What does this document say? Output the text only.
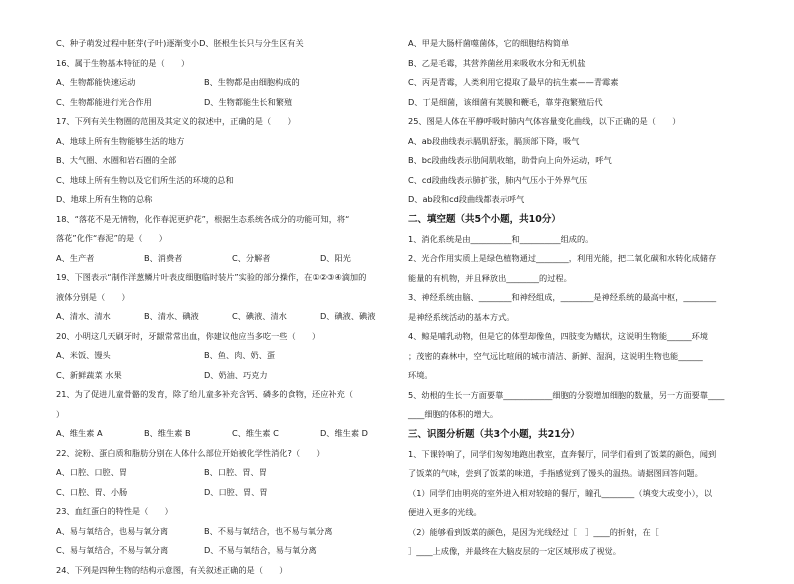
C、种子萌发过程中胚芽(子叶)逐渐变小D、胚根生长只与分生区有关
16、属于生物基本特征的是（　　）
A、生物都能快速运动	B、生物都是由细胞构成的
C、生物都能进行光合作用	D、生物都能生长和繁殖
17、下列有关生物圈的范围及其定义的叙述中，正确的是（　　）
A、地球上所有生物能够生活的地方
B、大气圈、水圈和岩石圈的全部
C、地球上所有生物以及它们所生活的环境的总和
D、地球上所有生物的总称
18、“落花不是无情物，化作春泥更护花”，根据生态系统各成分的功能可知，将“
落花”化作“春泥”的是（　　）
A、生产者	B、消费者	C、分解者	D、阳光
19、下图表示“制作洋葱鳞片叶表皮细胞临时装片”实验的部分操作，在①②③④滴加的
液体分别是（　　）
A、清水、清水	B、清水、碘液	C、碘液、清水	D、碘液、碘液
20、小明这几天刷牙时，牙龈常常出血，你建议他应当多吃一些（　　）
A、米饭、馒头	B、鱼、肉、奶、蛋
C、新鲜蔬菜 水果	D、奶油、巧克力
21、为了促进儿童骨骼的发育，除了给儿童多补充含钙、磷多的食物，还应补充（
）
A、维生素 A	B、维生素 B	C、维生素 C	D、维生素 D
22、淀粉、蛋白质和脂肪分别在人体什么部位开始被化学性消化?（　　）
A、口腔、口腔、胃	B、口腔、胃、胃
C、口腔、胃、小肠	D、口腔、胃、胃
23、血红蛋白的特性是（　　）
A、易与氧结合，也易与氧分离	B、不易与氧结合，也不易与氧分离
C、易与氧结合，不易与氧分离	D、不易与氧结合，易与氧分离
24、下列是四种生物的结构示意图，有关叙述正确的是（　　）
A、甲是大肠杆菌噬菌体，它的细胞结构简单
B、乙是毛霉，其营养菌丝用来吸收水分和无机盐
C、丙是青霉，人类利用它提取了最早的抗生素——青霉素
D、丁是细菌，该细菌有荚膜和鞭毛，靠芽孢繁殖后代
25、图是人体在平静呼吸时肺内气体容量变化曲线，以下正确的是（　　）
A、ab段曲线表示膈肌舒张，膈顶部下降，吸气
B、bc段曲线表示肋间肌收缩，助骨向上向外运动，呼气
C、cd段曲线表示肺扩张，肺内气压小于外界气压
D、ab段和cd段曲线都表示呼气
二、填空题（共5个小题，共10分）
1、消化系统是由__________和__________组成的。
2、光合作用实质上是绿色植物通过________，利用光能，把二氧化碳和水转化成储存
能量的有机物，并且释放出________的过程。
3、神经系统由脑、________和神经组成，________是神经系统的最高中枢，________
是神经系统活动的基本方式。
4、鲸是哺乳动物，但是它的体型却像鱼，四肢变为鳍状，这说明生物能______环境
；茂密的森林中，空气远比喧闹的城市清洁、新鲜、湿润，这说明生物也能______
环境。
5、幼根的生长一方面要靠____________细胞的分裂增加细胞的数量，另一方面要靠____
____细胞的体积的增大。
三、识图分析题（共3个小题，共21分）
1、下课铃响了，同学们匆匆地跑出教室，直奔餐厅，同学们看到了饭菜的颜色，闻到
了饭菜的气味，尝到了饭菜的味道，手指感觉到了馒头的温热。请据图回答问题。
（1）同学们由明亮的室外进入相对较暗的餐厅，瞳孔________（填变大或变小），以
便进入更多的光线。
（2）能够看到饭菜的颜色，是因为光线经过［　］____的折射，在［
］____上成像，并最终在大脑皮层的一定区域形成了视觉。
